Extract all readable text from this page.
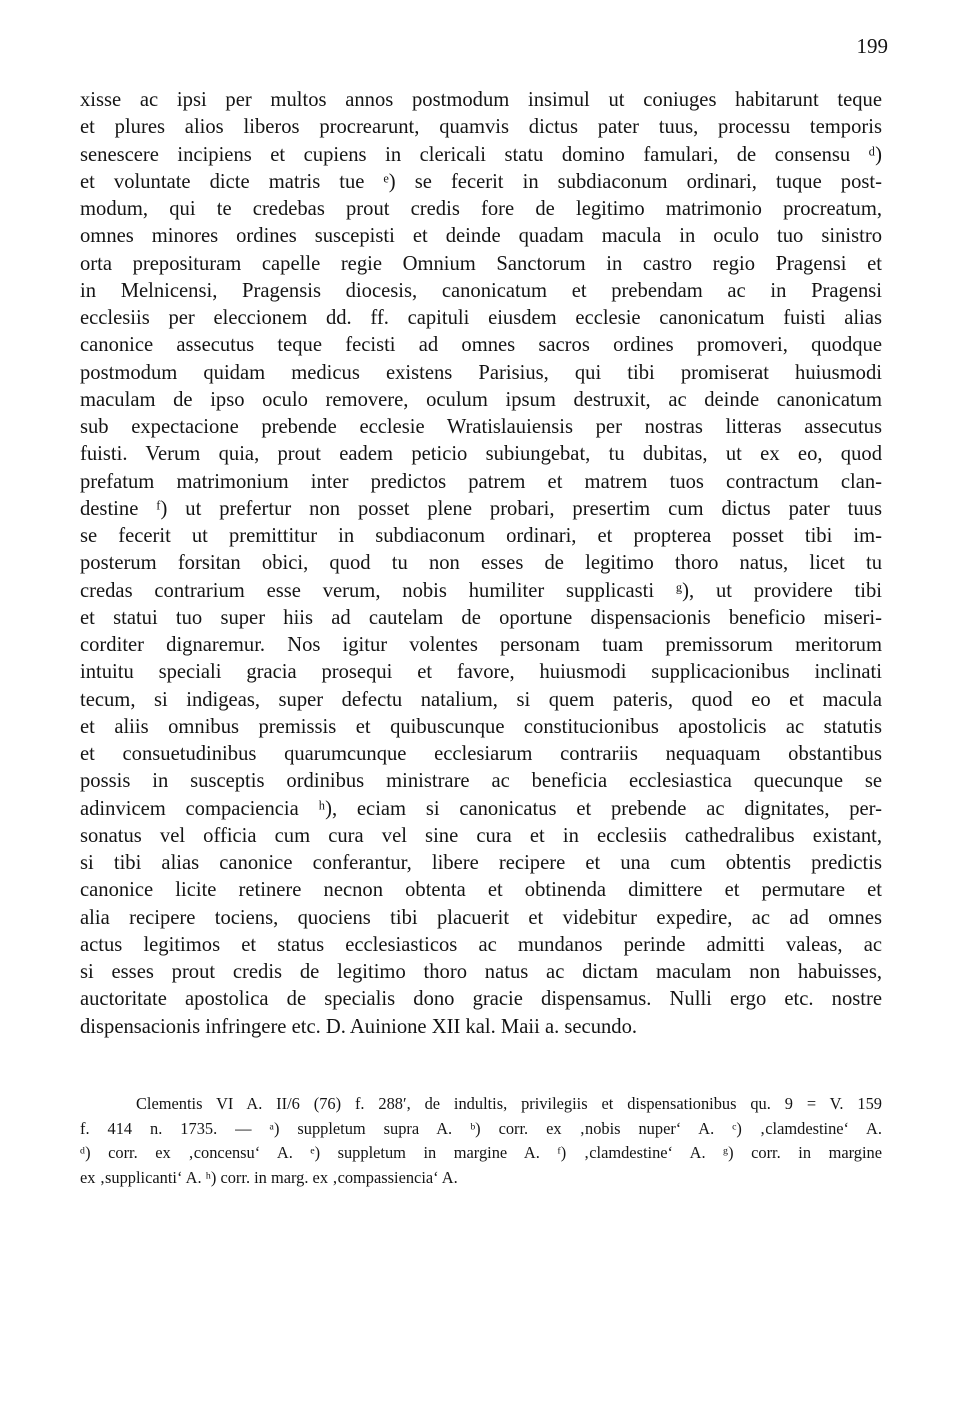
199
xisse ac ipsi per multos annos postmodum insimul ut coniuges habitarunt teque
et plures alios liberos procrearunt, quamvis dictus pater tuus, processu temporis
senescere incipiens et cupiens in clericali statu domino famulari, de consensu ᵈ)
et voluntate dicte matris tue ᵉ) se fecerit in subdiaconum ordinari, tuque post-
modum, qui te credebas prout credis fore de legitimo matrimonio procreatum,
omnes minores ordines suscepisti et deinde quadam macula in oculo tuo sinistro
orta preposituram capelle regie Omnium Sanctorum in castro regio Pragensi et
in Melnicensi, Pragensis diocesis, canonicatum et prebendam ac in Pragensi
ecclesiis per eleccionem dd. ff. capituli eiusdem ecclesie canonicatum fuisti alias
canonice assecutus teque fecisti ad omnes sacros ordines promoveri, quodque
postmodum quidam medicus existens Parisius, qui tibi promiserat huiusmodi
maculam de ipso oculo removere, oculum ipsum destruxit, ac deinde canonicatum
sub expectacione prebende ecclesie Wratislauiensis per nostras litteras assecutus
fuisti. Verum quia, prout eadem peticio subiungebat, tu dubitas, ut ex eo, quod
prefatum matrimonium inter predictos patrem et matrem tuos contractum clan-
destine ᶠ) ut prefertur non posset plene probari, presertim cum dictus pater tuus
se fecerit ut premittitur in subdiaconum ordinari, et propterea posset tibi im-
posterum forsitan obici, quod tu non esses de legitimo thoro natus, licet tu
credas contrarium esse verum, nobis humiliter supplicasti ᵍ), ut providere tibi
et statui tuo super hiis ad cautelam de oportune dispensacionis beneficio miseri-
corditer dignaremur. Nos igitur volentes personam tuam premissorum meritorum
intuitu speciali gracia prosequi et favore, huiusmodi supplicacionibus inclinati
tecum, si indigeas, super defectu natalium, si quem pateris, quod eo et macula
et aliis omnibus premissis et quibuscunque constitucionibus apostolicis ac statutis
et consuetudinibus quarumcunque ecclesiarum contrariis nequaquam obstantibus
possis in susceptis ordinibus ministrare ac beneficia ecclesiastica quecunque se
adinvicem compaciencia ʰ), eciam si canonicatus et prebende ac dignitates, per-
sonatus vel officia cum cura vel sine cura et in ecclesiis cathedralibus existant,
si tibi alias canonice conferantur, libere recipere et una cum obtentis predictis
canonice licite retinere necnon obtenta et obtinenda dimittere et permutare et
alia recipere tociens, quociens tibi placuerit et videbitur expedire, ac ad omnes
actus legitimos et status ecclesiasticos ac mundanos perinde admitti valeas, ac
si esses prout credis de legitimo thoro natus ac dictam maculam non habuisses,
auctoritate apostolica de specialis dono gracie dispensamus. Nulli ergo etc. nostre
dispensacionis infringere etc. D. Auinione XII kal. Maii a. secundo.
Clementis VI A. II/6 (76) f. 288′, de indultis, privilegiis et dispensationibus qu. 9 = V. 159
f. 414 n. 1735. — ᵃ) suppletum supra A. ᵇ) corr. ex ‚nobis nuper‘ A. ᶜ) ‚clamdestine‘ A.
ᵈ) corr. ex ‚concensu‘ A. ᵉ) suppletum in margine A. ᶠ) ‚clamdestine‘ A. ᵍ) corr. in margine
ex ‚supplicanti‘ A. ʰ) corr. in marg. ex ‚compassiencia‘ A.
